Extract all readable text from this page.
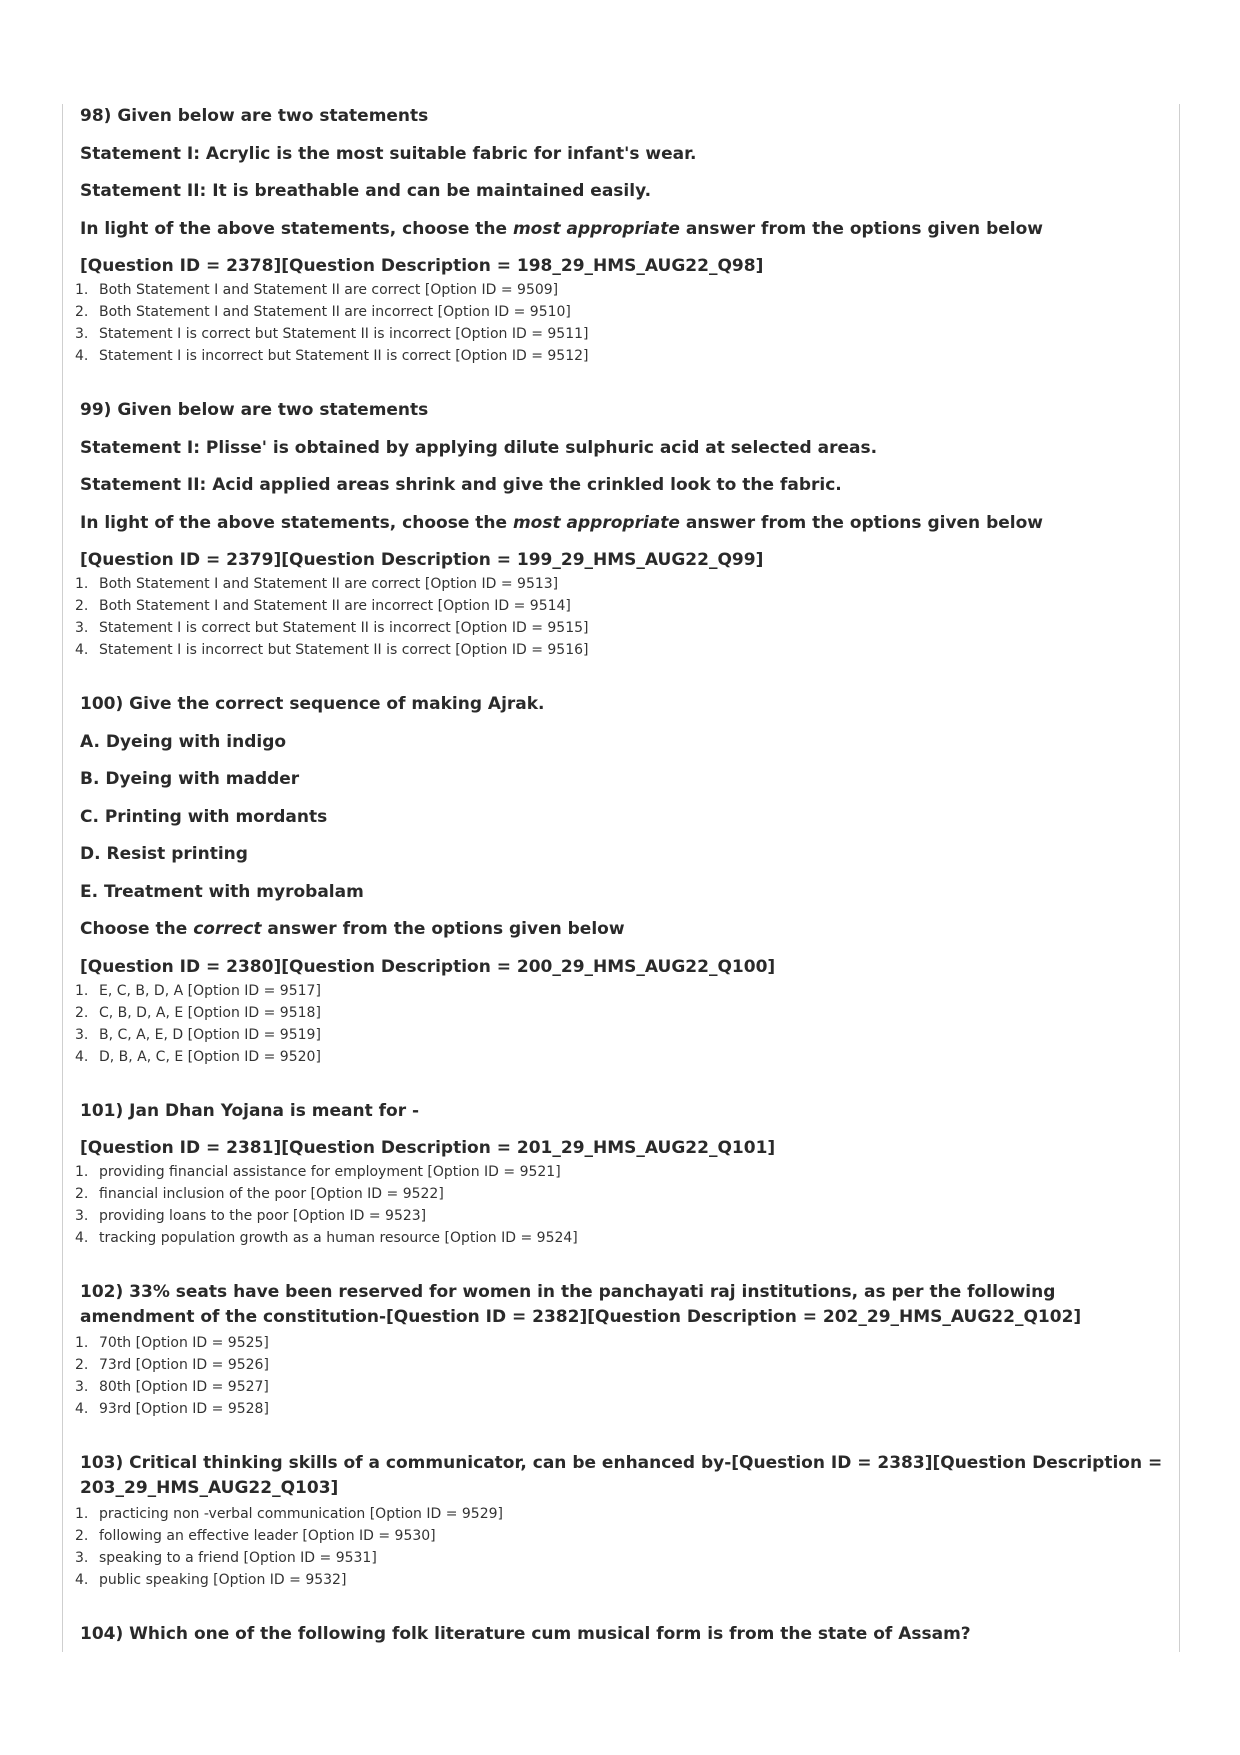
98) Given below are two statements

Statement I: Acrylic is the most suitable fabric for infant's wear.

Statement II: It is breathable and can be maintained easily.

In light of the above statements, choose the most appropriate answer from the options given below

[Question ID = 2378][Question Description = 198_29_HMS_AUG22_Q98]

1. Both Statement I and Statement II are correct [Option ID = 9509]
2. Both Statement I and Statement II are incorrect [Option ID = 9510]
3. Statement I is correct but Statement II is incorrect [Option ID = 9511]
4. Statement I is incorrect but Statement II is correct [Option ID = 9512]

99) Given below are two statements

Statement I: Plisse' is obtained by applying dilute sulphuric acid at selected areas.

Statement II: Acid applied areas shrink and give the crinkled look to the fabric.

In light of the above statements, choose the most appropriate answer from the options given below

[Question ID = 2379][Question Description = 199_29_HMS_AUG22_Q99]

1. Both Statement I and Statement II are correct [Option ID = 9513]
2. Both Statement I and Statement II are incorrect [Option ID = 9514]
3. Statement I is correct but Statement II is incorrect [Option ID = 9515]
4. Statement I is incorrect but Statement II is correct [Option ID = 9516]

100) Give the correct sequence of making Ajrak.

A. Dyeing with indigo

B. Dyeing with madder

C. Printing with mordants

D. Resist printing

E. Treatment with myrobalam

Choose the correct answer from the options given below

[Question ID = 2380][Question Description = 200_29_HMS_AUG22_Q100]

1. E, C, B, D, A [Option ID = 9517]
2. C, B, D, A, E [Option ID = 9518]
3. B, C, A, E, D [Option ID = 9519]
4. D, B, A, C, E [Option ID = 9520]

101) Jan Dhan Yojana is meant for -

[Question ID = 2381][Question Description = 201_29_HMS_AUG22_Q101]

1. providing financial assistance for employment [Option ID = 9521]
2. financial inclusion of the poor [Option ID = 9522]
3. providing loans to the poor [Option ID = 9523]
4. tracking population growth as a human resource [Option ID = 9524]

102) 33% seats have been reserved for women in the panchayati raj institutions, as per the following amendment of the constitution-[Question ID = 2382][Question Description = 202_29_HMS_AUG22_Q102]

1. 70th [Option ID = 9525]
2. 73rd [Option ID = 9526]
3. 80th [Option ID = 9527]
4. 93rd [Option ID = 9528]

103) Critical thinking skills of a communicator, can be enhanced by-[Question ID = 2383][Question Description = 203_29_HMS_AUG22_Q103]

1. practicing non -verbal communication [Option ID = 9529]
2. following an effective leader [Option ID = 9530]
3. speaking to a friend [Option ID = 9531]
4. public speaking [Option ID = 9532]

104) Which one of the following folk literature cum musical form is from the state of Assam?
